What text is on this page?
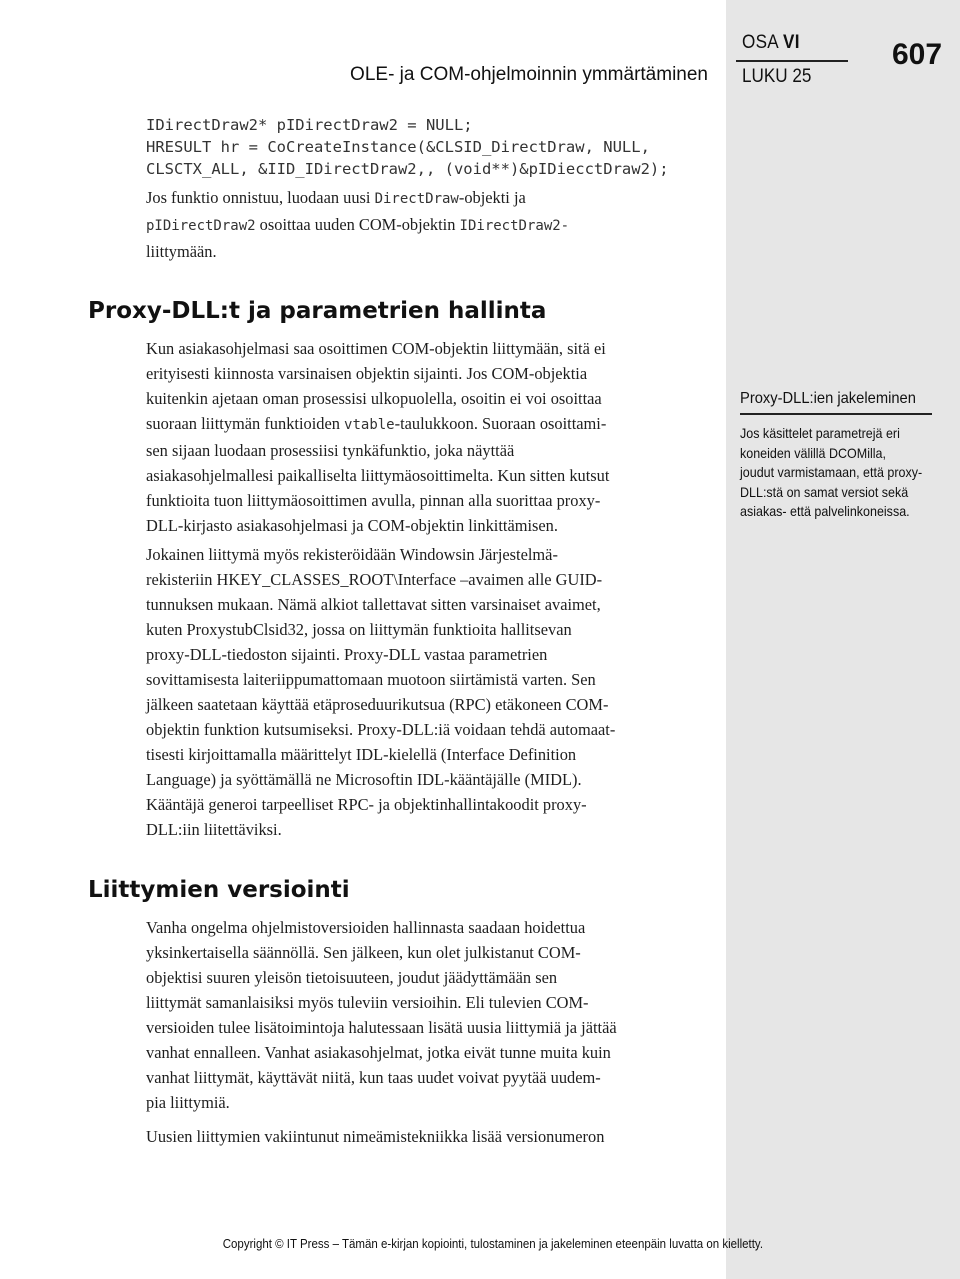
OLE- ja COM-ohjelmoinnin ymmärtäminen
OSA VI
LUKU 25
607
IDirectDraw2* pIDirectDraw2 = NULL;
HRESULT hr = CoCreateInstance(&CLSID_DirectDraw, NULL,
CLSCTX_ALL, &IID_IDirectDraw2,, (void**)&pIDiecctDraw2);
Jos funktio onnistuu, luodaan uusi DirectDraw-objekti ja
pIDirectDraw2 osoittaa uuden COM-objektin IDirectDraw2-
liittymään.
Proxy-DLL:t ja parametrien hallinta
Kun asiakasohjelmasi saa osoittimen COM-objektin liittymään, sitä ei
erityisesti kiinnosta varsinaisen objektin sijainti. Jos COM-objektia
kuitenkin ajetaan oman prosessisi ulkopuolella, osoitin ei voi osoittaa
suoraan liittymän funktioiden vtable-taulukkoon. Suoraan osoittami-
sen sijaan luodaan prosessiisi tynkäfunktio, joka näyttää
asiakasohjelmallesi paikalliselta liittymäosoittimelta. Kun sitten kutsut
funktioita tuon liittymäosoittimen avulla, pinnan alla suorittaa proxy-
DLL-kirjasto asiakasohjelmasi ja COM-objektin linkittämisen.
Jokainen liittymä myös rekisteröidään Windowsin Järjestelmä-
rekisteriin HKEY_CLASSES_ROOT\Interface –avaimen alle GUID-
tunnuksen mukaan. Nämä alkiot tallettavat sitten varsinaiset avaimet,
kuten ProxystubClsid32, jossa on liittymän funktioita hallitsevan
proxy-DLL-tiedoston sijainti. Proxy-DLL vastaa parametrien
sovittamisesta laiteriippumattomaan muotoon siirtämistä varten. Sen
jälkeen saatetaan käyttää etäproseduurikutsua (RPC) etäkoneen COM-
objektin funktion kutsumiseksi. Proxy-DLL:iä voidaan tehdä automaat-
tisesti kirjoittamalla määrittelyt IDL-kielellä (Interface Definition
Language) ja syöttämällä ne Microsoftin IDL-kääntäjälle (MIDL).
Kääntäjä generoi tarpeelliset RPC- ja objektinhallintakoodit proxy-
DLL:iin liitettäviksi.
Liittymien versiointi
Vanha ongelma ohjelmistoversioiden hallinnasta saadaan hoidettua
yksinkertaisella säännöllä. Sen jälkeen, kun olet julkistanut COM-
objektisi suuren yleisön tietoisuuteen, joudut jäädyttämään sen
liittymät samanlaisiksi myös tuleviin versioihin. Eli tulevien COM-
versioiden tulee lisätoimintoja halutessaan lisätä uusia liittymiä ja jättää
vanhat ennalleen. Vanhat asiakasohjelmat, jotka eivät tunne muita kuin
vanhat liittymät, käyttävät niitä, kun taas uudet voivat pyytää uudem-
pia liittymiä.
Uusien liittymien vakiintunut nimeämistekniikka lisää versionumeron
Proxy-DLL:ien jakeleminen
Jos käsittelet parametrejä eri
koneiden välillä DCOMilla,
joudut varmistamaan, että proxy-
DLL:stä on samat versiot sekä
asiakas- että palvelinkoneissa.
Copyright © IT Press – Tämän e-kirjan kopiointi, tulostaminen ja jakeleminen eteenpäin luvatta on kielletty.
